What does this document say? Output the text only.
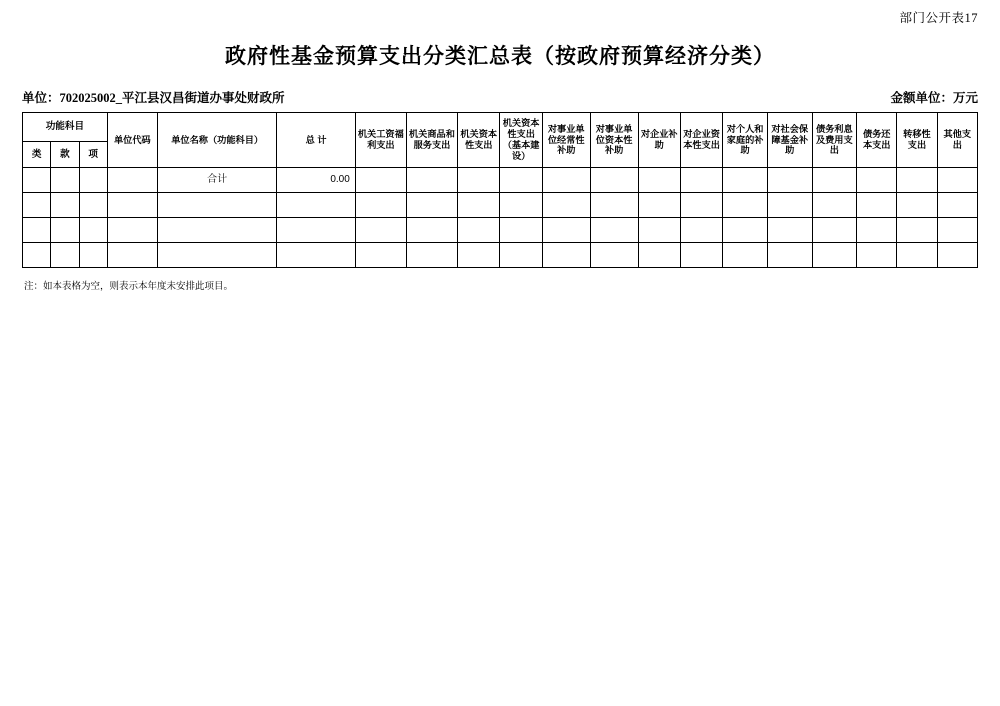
部门公开表17
政府性基金预算支出分类汇总表（按政府预算经济分类）
单位：702025002_平江县汉昌街道办事处财政所	金额单位：万元
功能科目			单位代码	单位名称（功能科目）	总 计	机关工资福利支出	机关商品和服务支出	机关资本性支出	机关资本性支出（基本建设）	对事业单位经常性补助	对事业单位资本性补助	对企业补助	对企业资本性支出	对个人和家庭的补助	对社会保障基金补助	债务利息及费用支出	债务还本支出	转移性支出	其他支出
类	款	项																	
				合计	0.00														

注：如本表格为空，则表示本年度未安排此项目。
